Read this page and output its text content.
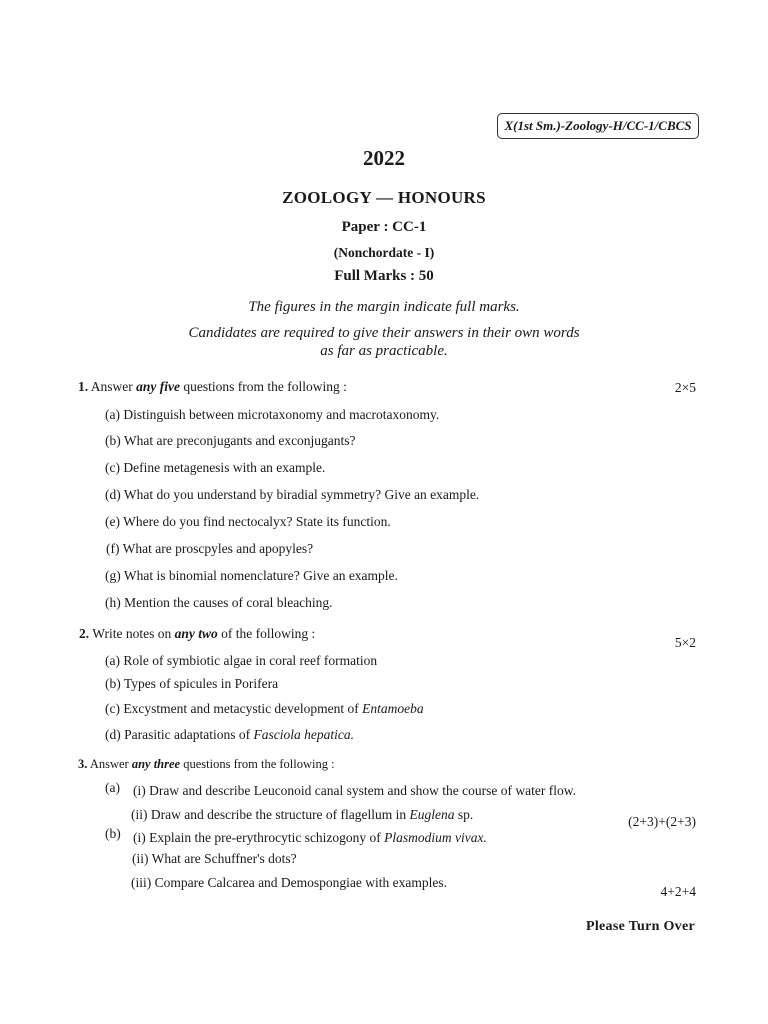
X(1st Sm.)-Zoology-H/CC-1/CBCS
2022
ZOOLOGY — HONOURS
Paper : CC-1
(Nonchordate - I)
Full Marks : 50
The figures in the margin indicate full marks.
Candidates are required to give their answers in their own words
as far as practicable.
1. Answer any five questions from the following :	2×5
(a) Distinguish between microtaxonomy and macrotaxonomy.
(b) What are preconjugants and exconjugants?
(c) Define metagenesis with an example.
(d) What do you understand by biradial symmetry? Give an example.
(e) Where do you find nectocalyx? State its function.
(f) What are proscpyles and apopyles?
(g) What is binomial nomenclature? Give an example.
(h) Mention the causes of coral bleaching.
2. Write notes on any two of the following :
5×2
(a) Role of symbiotic algae in coral reef formation
(b) Types of spicules in Porifera
(c) Excystment and metacystic development of Entamoeba
(d) Parasitic adaptations of Fasciola hepatica.
3. Answer any three questions from the following :
(a) (i) Draw and describe Leuconoid canal system and show the course of water flow.
(ii) Draw and describe the structure of flagellum in Euglena sp.	(2+3)+(2+3)
(b) (i) Explain the pre-erythrocytic schizogony of Plasmodium vivax.
(ii) What are Schuffner's dots?
(iii) Compare Calcarea and Demospongiae with examples.
4+2+4
Please Turn Over
